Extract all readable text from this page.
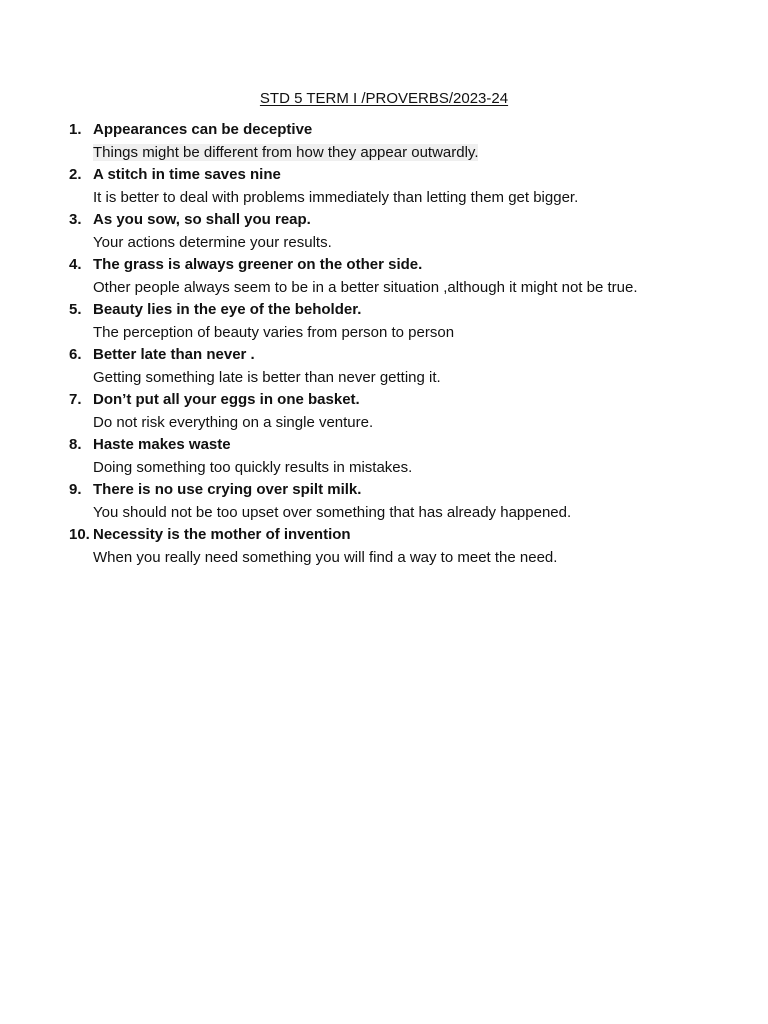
STD 5 TERM I /PROVERBS/2023-24
1. Appearances can be deceptive
Things might be different from how they appear outwardly.
2. A stitch in time saves nine
It is better to deal with problems immediately than letting them get bigger.
3. As you sow, so shall you reap.
Your actions determine your results.
4. The grass is always greener on the other side.
Other people always seem to be in a better situation ,although it might not be true.
5. Beauty lies in the eye of the beholder.
The perception of beauty varies from person to person
6. Better late than never .
Getting something late is better than never getting it.
7. Don’t put all your eggs in one basket.
Do not risk everything on a single venture.
8. Haste makes waste
Doing something too quickly results in mistakes.
9. There is no use crying over spilt milk.
You should not be too upset over something that has already happened.
10. Necessity is the mother of invention
When you really need something you will find a way to meet the need.
